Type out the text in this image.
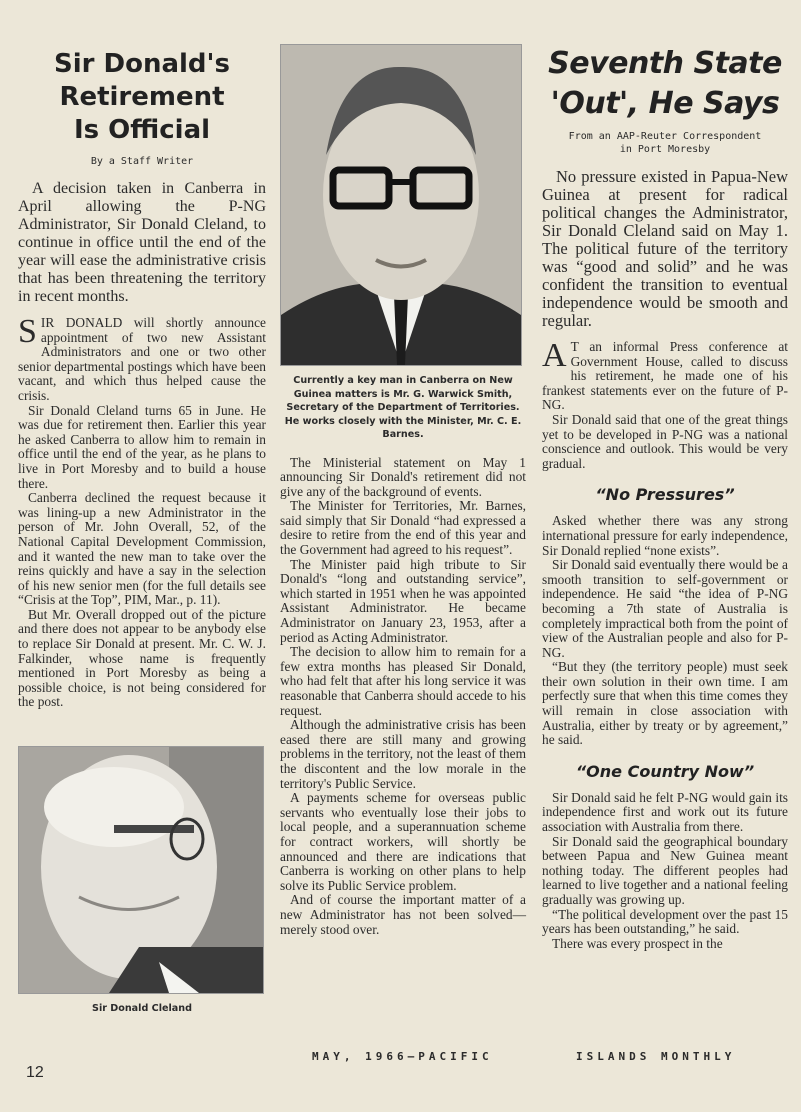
Sir Donald's
Retirement
Is Official
By a Staff Writer

A decision taken in Canberra in April allowing the P-NG Administrator, Sir Donald Cleland, to continue in office until the end of the year will ease the administrative crisis that has been threatening the territory in recent months.

SIR DONALD will shortly announce appointment of two new Assistant Administrators and one or two other senior departmental postings which have been vacant, and which thus helped cause the crisis.

Sir Donald Cleland turns 65 in June. He was due for retirement then. Earlier this year he asked Canberra to allow him to remain in office until the end of the year, as he plans to live in Port Moresby and to build a house there.

Canberra declined the request because it was lining-up a new Administrator in the person of Mr. John Overall, 52, of the National Capital Development Commission, and it wanted the new man to take over the reins quickly and have a say in the selection of his new senior men (for the full details see “Crisis at the Top”, PIM, Mar., p. 11).

But Mr. Overall dropped out of the picture and there does not appear to be anybody else to replace Sir Donald at present. Mr. C. W. J. Falkinder, whose name is frequently mentioned in Port Moresby as being a possible choice, is not being considered for the post.

Sir Donald Cleland
Currently a key man in Canberra on New Guinea matters is Mr. G. Warwick Smith, Secretary of the Department of Territories. He works closely with the Minister, Mr. C. E. Barnes.

The Ministerial statement on May 1 announcing Sir Donald's retirement did not give any of the background of events.

The Minister for Territories, Mr. Barnes, said simply that Sir Donald “had expressed a desire to retire from the end of this year and the Government had agreed to his request”.

The Minister paid high tribute to Sir Donald's “long and outstanding service”, which started in 1951 when he was appointed Assistant Administrator. He became Administrator on January 23, 1953, after a period as Acting Administrator.

The decision to allow him to remain for a few extra months has pleased Sir Donald, who had felt that after his long service it was reasonable that Canberra should accede to his request.

Although the administrative crisis has been eased there are still many and growing problems in the territory, not the least of them the discontent and the low morale in the territory's Public Service.

A payments scheme for overseas public servants who eventually lose their jobs to local people, and a superannuation scheme for contract workers, will shortly be announced and there are indications that Canberra is working on other plans to help solve its Public Service problem.

And of course the important matter of a new Administrator has not been solved—merely stood over.

Seventh State
'Out', He Says
From an AAP-Reuter Correspondent
in Port Moresby

No pressure existed in Papua-New Guinea at present for radical political changes the Administrator, Sir Donald Cleland said on May 1. The political future of the territory was “good and solid” and he was confident the transition to eventual independence would be smooth and regular.

A T an informal Press conference at Government House, called to discuss his retirement, he made one of his frankest statements ever on the future of P-NG.

Sir Donald said that one of the great things yet to be developed in P-NG was a national conscience and outlook. This would be very gradual.

“No Pressures”

Asked whether there was any strong international pressure for early independence, Sir Donald replied “none exists”.

Sir Donald said eventually there would be a smooth transition to self-government or independence. He said “the idea of P-NG becoming a 7th state of Australia is completely impractical both from the point of view of the Australian people and also for P-NG.

“But they (the territory people) must seek their own solution in their own time. I am perfectly sure that when this time comes they will remain in close association with Australia, either by treaty or by agreement,” he said.

“One Country Now”

Sir Donald said he felt P-NG would gain its independence first and work out its future association with Australia from there.

Sir Donald said the geographical boundary between Papua and New Guinea meant nothing today. The different peoples had learned to live together and a national feeling gradually was growing up.

“The political development over the past 15 years has been outstanding,” he said.

There was every prospect in the

12
MAY, 1966—PACIFIC	ISLANDS MONTHLY
